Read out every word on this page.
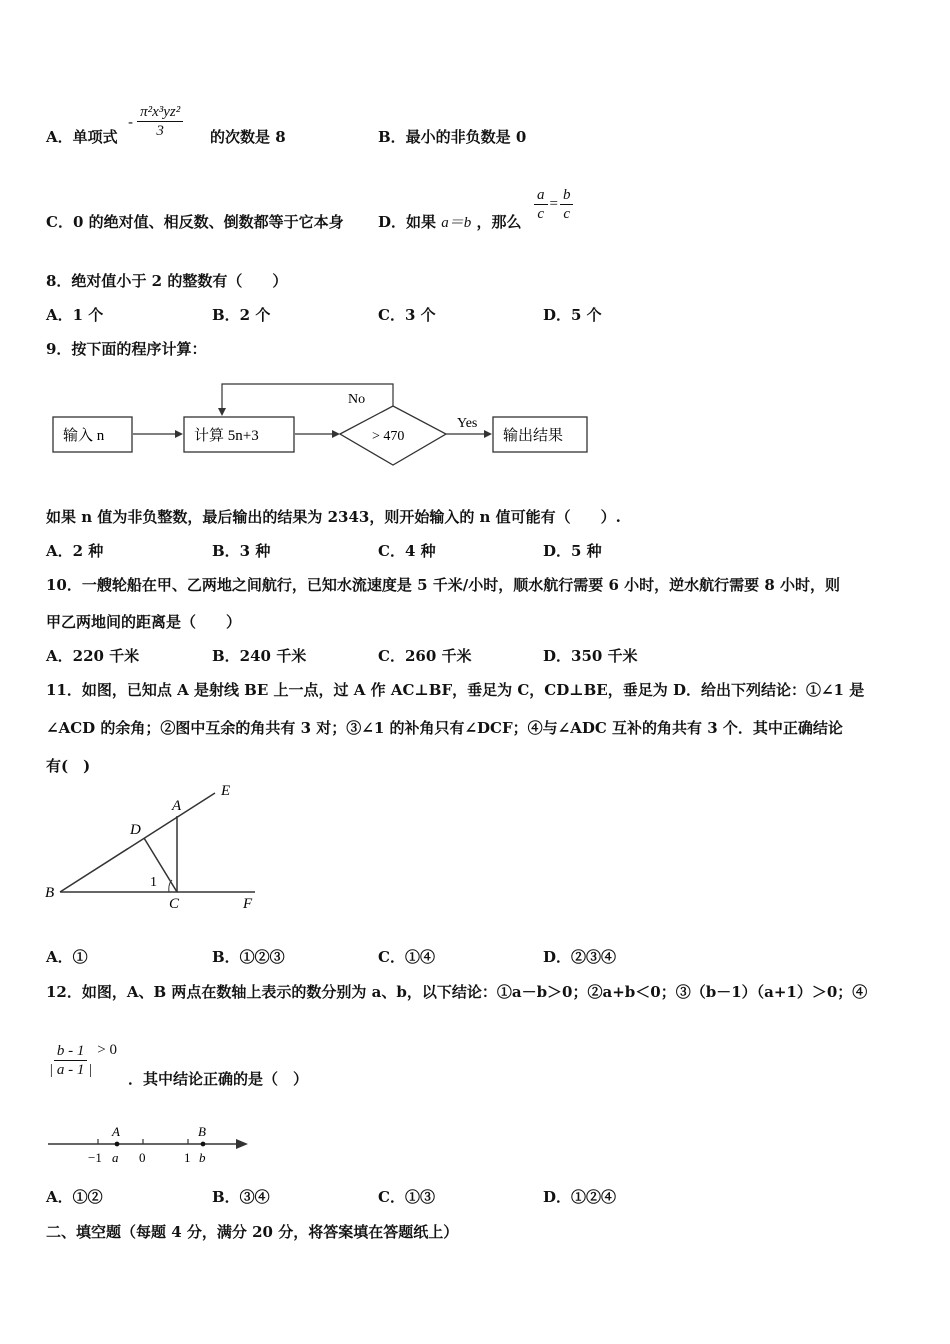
A．单项式
- $\frac{\text{π²x³yz²}}{3}$ 的次数是 8	B．最小的非负数是 0
C．0 的绝对值、相反数、倒数都等于它本身 D．如果 a＝b ，那么 $\frac{a}{c} = \frac{b}{c}$
8．绝对值小于 2 的整数有（　　）
A．1 个	B．2 个	C．3 个	D．5 个
9．按下面的程序计算：
输入 n	计算 5n+3	> 470
No
Yes
输出结果
如果 n 值为非负整数，最后输出的结果为 2343，则开始输入的 n 值可能有（　　）.
A．2 种	B．3 种	C．4 种	D．5 种
10．一艘轮船在甲、乙两地之间航行，已知水流速度是 5 千米/小时，顺水航行需要 6 小时，逆水航行需要 8 小时，则
甲乙两地间的距离是（　　）
A．220 千米	B．240 千米	C．260 千米	D．350 千米
11．如图，已知点 A 是射线 BE 上一点，过 A 作 AC⊥BF，垂足为 C，CD⊥BE，垂足为 D．给出下列结论：①∠1 是
∠ACD 的余角；②图中互余的角共有 3 对；③∠1 的补角只有∠DCF；④与∠ADC 互补的角共有 3 个．其中正确结论
有(　)
A
B
C
D
E
F
1
A．①	B．①②③	C．①④	D．②③④
12．如图，A、B 两点在数轴上表示的数分别为 a、b，以下结论：①a－b＞0；②a+b＜0；③（b－1）（a+1）＞0；④
$\frac{b - 1}{| a - 1 |} > 0$
．其中结论正确的是（　）
A	B
−1 a 0	1 b
A．①②	B．③④	C．①③	D．①②④
二、填空题（每题 4 分，满分 20 分，将答案填在答题纸上）
